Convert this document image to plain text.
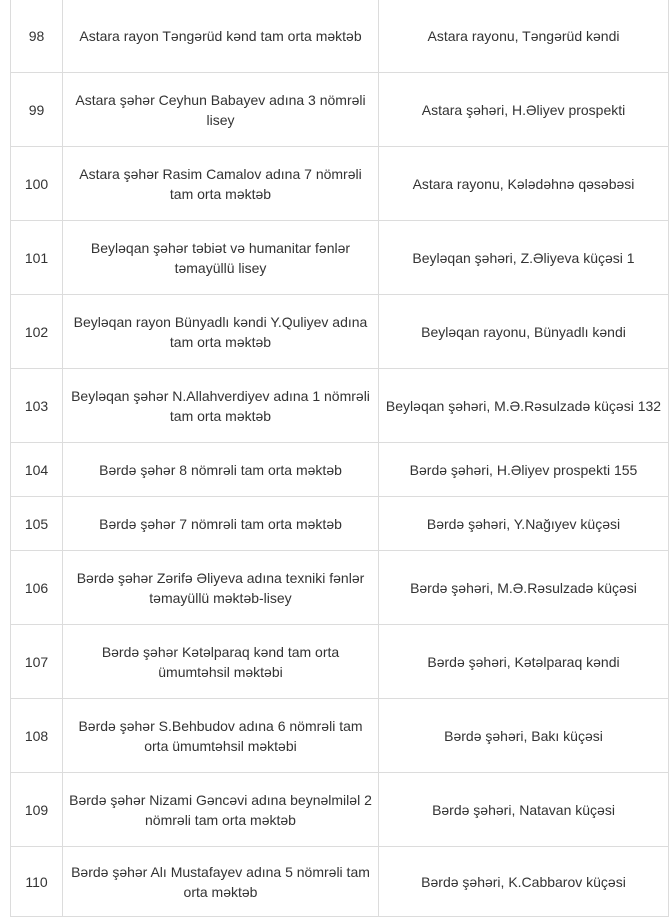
98	Astara rayon Təngərüd kənd tam orta məktəb	Astara rayonu, Təngərüd kəndi
99	Astara şəhər Ceyhun Babayev adına 3 nömrəli lisey	Astara şəhəri, H.Əliyev prospekti
100	Astara şəhər Rasim Camalov adına 7 nömrəli tam orta məktəb	Astara rayonu, Kələdəhnə qəsəbəsi
101	Beyləqan şəhər təbiət və humanitar fənlər təmayüllü lisey	Beyləqan şəhəri, Z.Əliyeva küçəsi 1
102	Beyləqan rayon Bünyadlı kəndi Y.Quliyev adına tam orta məktəb	Beyləqan rayonu, Bünyadlı kəndi
103	Beyləqan şəhər N.Allahverdiyev adına 1 nömrəli tam orta məktəb	Beyləqan şəhəri, M.Ə.Rəsulzadə küçəsi 132
104	Bərdə şəhər 8 nömrəli tam orta məktəb	Bərdə şəhəri, H.Əliyev prospekti 155
105	Bərdə şəhər 7 nömrəli tam orta məktəb	Bərdə şəhəri, Y.Nağıyev küçəsi
106	Bərdə şəhər Zərifə Əliyeva adına texniki fənlər təmayüllü məktəb-lisey	Bərdə şəhəri, M.Ə.Rəsulzadə küçəsi
107	Bərdə şəhər Kətəlparaq kənd tam orta ümumtəhsil məktəbi	Bərdə şəhəri, Kətəlparaq kəndi
108	Bərdə şəhər S.Behbudov adına 6 nömrəli tam orta ümumtəhsil məktəbi	Bərdə şəhəri, Bakı küçəsi
109	Bərdə şəhər Nizami Gəncəvi adına beynəlmiləl 2 nömrəli tam orta məktəb	Bərdə şəhəri, Natavan küçəsi
110	Bərdə şəhər Alı Mustafayev adına 5 nömrəli tam orta məktəb	Bərdə şəhəri, K.Cabbarov küçəsi
